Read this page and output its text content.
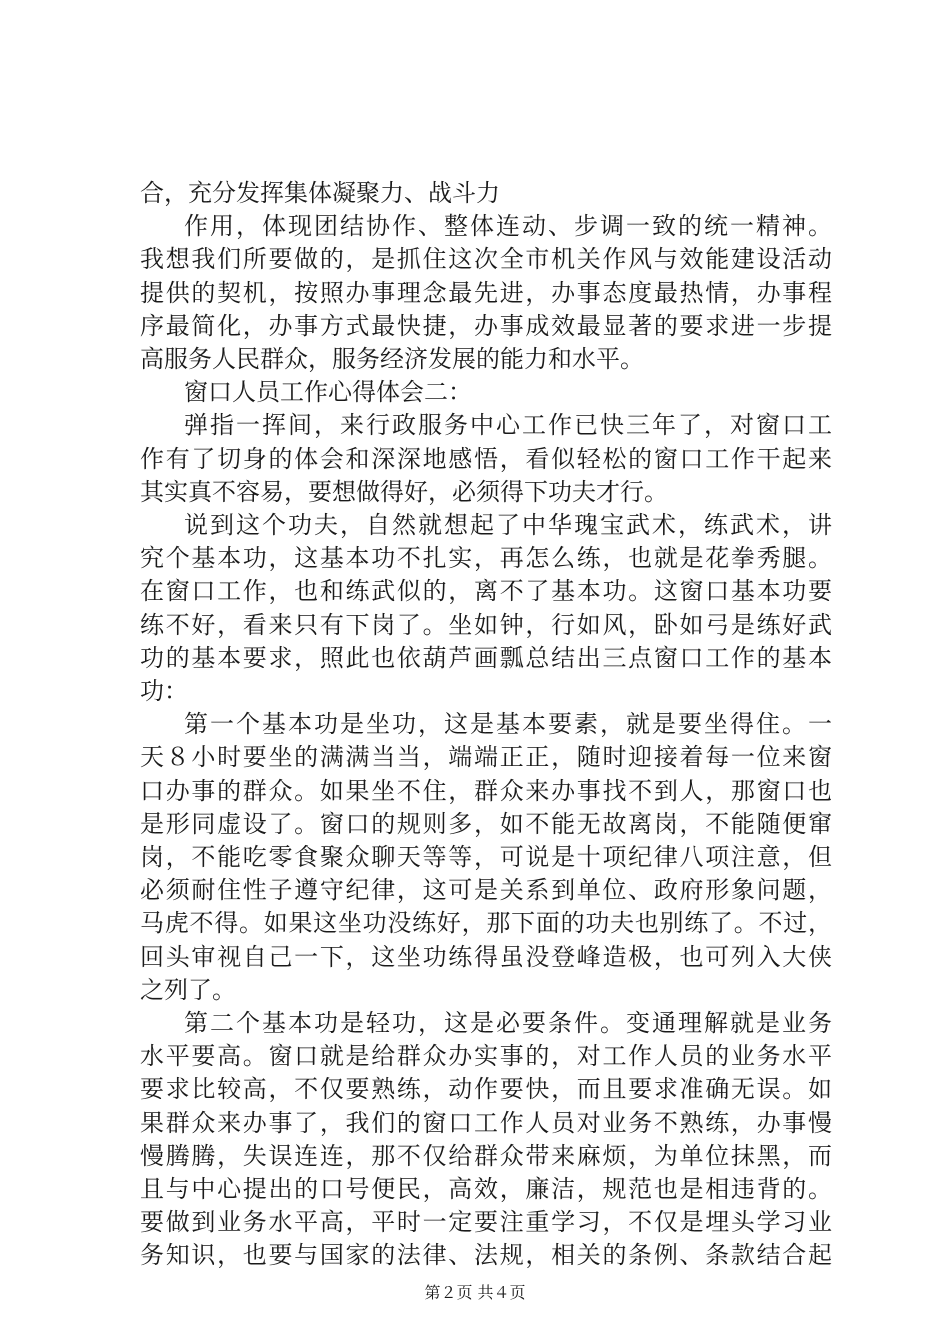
合，充分发挥集体凝聚力、战斗力
作用，体现团结协作、整体连动、步调一致的统一精神。
我想我们所要做的，是抓住这次全市机关作风与效能建设活动
提供的契机，按照办事理念最先进，办事态度最热情，办事程
序最简化，办事方式最快捷，办事成效最显著的要求进一步提
高服务人民群众，服务经济发展的能力和水平。
窗口人员工作心得体会二：
弹指一挥间，来行政服务中心工作已快三年了，对窗口工
作有了切身的体会和深深地感悟，看似轻松的窗口工作干起来
其实真不容易，要想做得好，必须得下功夫才行。
说到这个功夫，自然就想起了中华瑰宝武术，练武术，讲
究个基本功，这基本功不扎实，再怎么练，也就是花拳秀腿。
在窗口工作，也和练武似的，离不了基本功。这窗口基本功要
练不好，看来只有下岗了。坐如钟，行如风，卧如弓是练好武
功的基本要求，照此也依葫芦画瓢总结出三点窗口工作的基本
功：
第一个基本功是坐功，这是基本要素，就是要坐得住。一
天８小时要坐的满满当当，端端正正，随时迎接着每一位来窗
口办事的群众。如果坐不住，群众来办事找不到人，那窗口也
是形同虚设了。窗口的规则多，如不能无故离岗，不能随便窜
岗，不能吃零食聚众聊天等等，可说是十项纪律八项注意，但
必须耐住性子遵守纪律，这可是关系到单位、政府形象问题，
马虎不得。如果这坐功没练好，那下面的功夫也别练了。不过，
回头审视自己一下，这坐功练得虽没登峰造极，也可列入大侠
之列了。
第二个基本功是轻功，这是必要条件。变通理解就是业务
水平要高。窗口就是给群众办实事的，对工作人员的业务水平
要求比较高，不仅要熟练，动作要快，而且要求准确无误。如
果群众来办事了，我们的窗口工作人员对业务不熟练，办事慢
慢腾腾，失误连连，那不仅给群众带来麻烦，为单位抹黑，而
且与中心提出的口号便民，高效，廉洁，规范也是相违背的。
要做到业务水平高，平时一定要注重学习，不仅是埋头学习业
务知识，也要与国家的法律、法规，相关的条例、条款结合起
第２页 共４页
